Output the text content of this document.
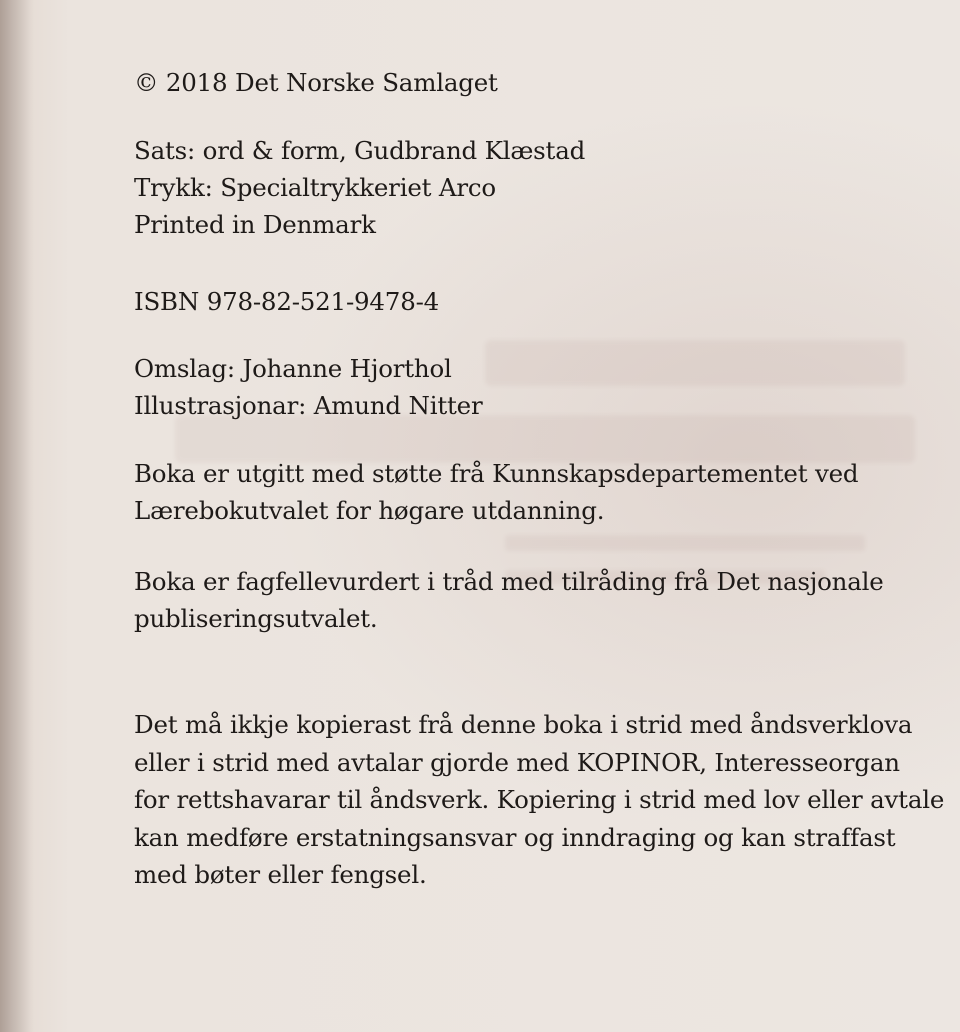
© 2018 Det Norske Samlaget
Sats: ord & form, Gudbrand Klæstad
Trykk: Specialtrykkeriet Arco
Printed in Denmark
ISBN 978-82-521-9478-4
Omslag: Johanne Hjorthol
Illustrasjonar: Amund Nitter
Boka er utgitt med støtte frå Kunnskapsdepartementet ved
Lærebokutvalet for høgare utdanning.
Boka er fagfellevurdert i tråd med tilråding frå Det nasjonale
publiseringsutvalet.
Det må ikkje kopierast frå denne boka i strid med åndsverklova
eller i strid med avtalar gjorde med KOPINOR, Interesseorgan
for rettshavarar til åndsverk. Kopiering i strid med lov eller avtale
kan medføre erstatningsansvar og inndraging og kan straffast
med bøter eller fengsel.
